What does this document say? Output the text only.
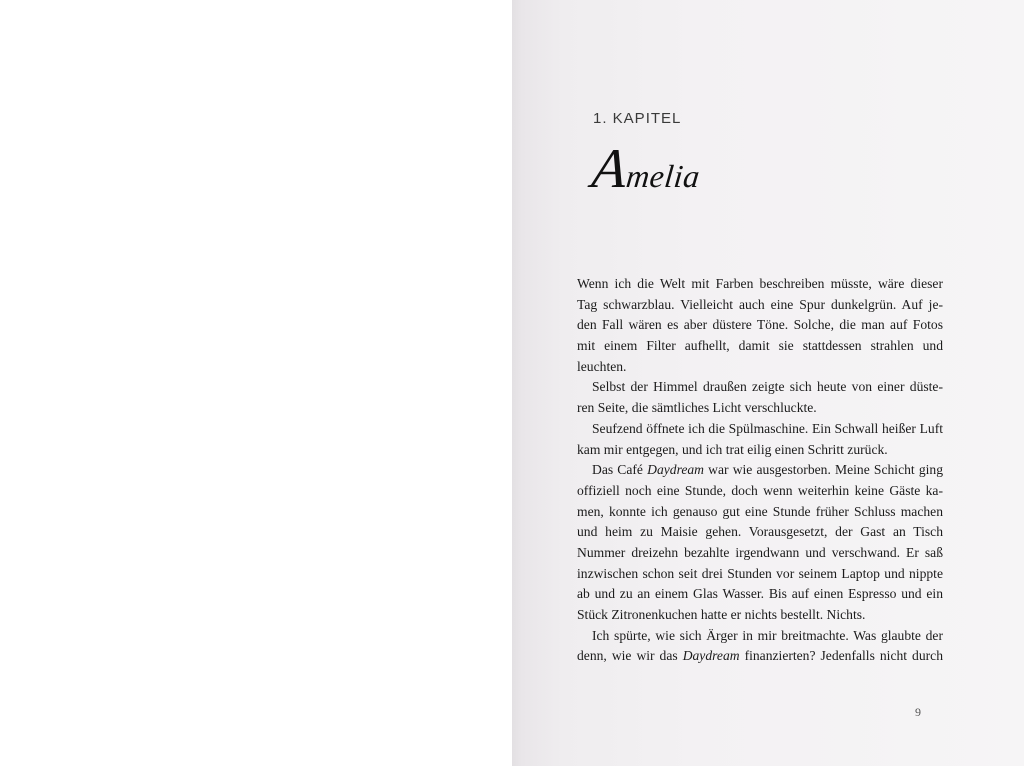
1. KAPITEL
Amelia
Wenn ich die Welt mit Farben beschreiben müsste, wäre dieser
Tag schwarzblau. Vielleicht auch eine Spur dunkelgrün. Auf je-
den Fall wären es aber düstere Töne. Solche, die man auf Fotos
mit einem Filter aufhellt, damit sie stattdessen strahlen und
leuchten.
Selbst der Himmel draußen zeigte sich heute von einer düste-
ren Seite, die sämtliches Licht verschluckte.
Seufzend öffnete ich die Spülmaschine. Ein Schwall heißer Luft
kam mir entgegen, und ich trat eilig einen Schritt zurück.
Das Café Daydream war wie ausgestorben. Meine Schicht ging
offiziell noch eine Stunde, doch wenn weiterhin keine Gäste ka-
men, konnte ich genauso gut eine Stunde früher Schluss machen
und heim zu Maisie gehen. Vorausgesetzt, der Gast an Tisch
Nummer dreizehn bezahlte irgendwann und verschwand. Er saß
inzwischen schon seit drei Stunden vor seinem Laptop und nippte
ab und zu an einem Glas Wasser. Bis auf einen Espresso und ein
Stück Zitronenkuchen hatte er nichts bestellt. Nichts.
Ich spürte, wie sich Ärger in mir breitmachte. Was glaubte der
denn, wie wir das Daydream finanzierten? Jedenfalls nicht durch
9
